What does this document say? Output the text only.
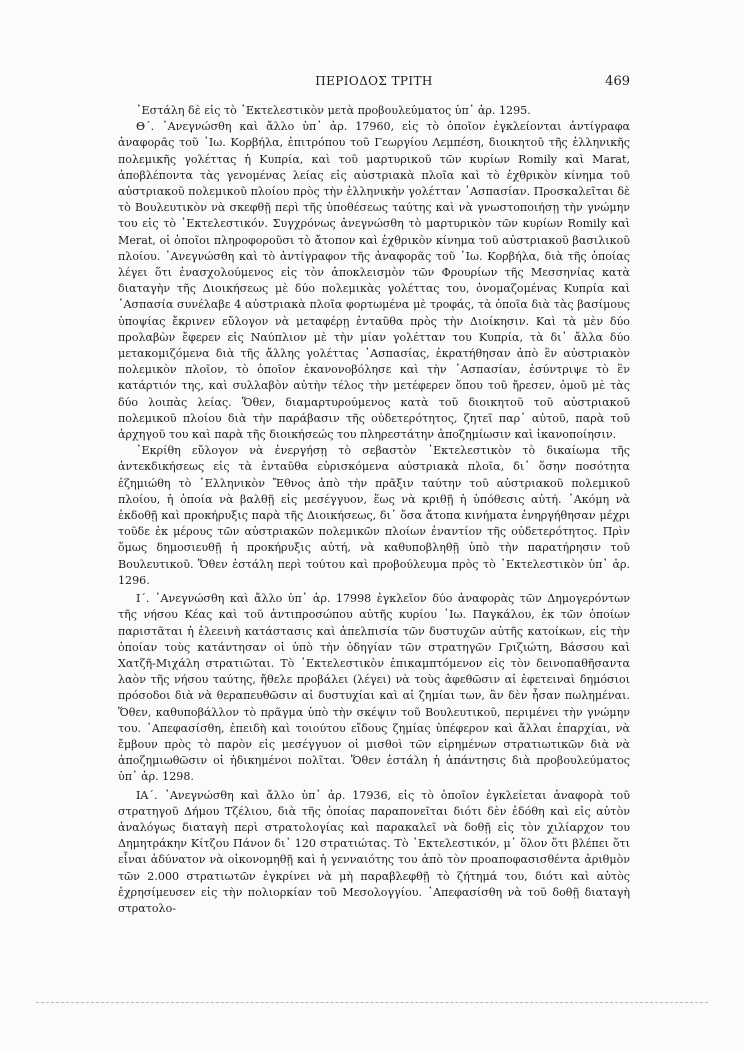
ΠΕΡΙΟΔΟΣ ΤΡΙΤΗ	469

᾿Εστάλη δὲ εἰς τὸ ᾿Εκτελεστικὸν μετὰ προβουλεύματος ὑπ᾿ ἀρ. 1295.

Θ΄. ᾿Ανεγνώσθη καὶ ἄλλο ὑπ᾿ ἀρ. 17960, εἰς τὸ ὁποῖον ἐγκλείονται ἀντίγραφα ἀναφορᾶς τοῦ ᾿Ιω. Κορβήλα, ἐπιτρόπου τοῦ Γεωργίου Λεμπέση, διοικητοῦ τῆς ἑλληνικῆς πολεμικῆς γολέττας ἡ Κυπρία, καὶ τοῦ μαρτυρικοῦ τῶν κυρίων Romily καὶ Marat, ἀποβλέποντα τὰς γενομένας λείας εἰς αὐστριακὰ πλοῖα καὶ τὸ ἐχθρικὸν κίνημα τοῦ αὐστριακοῦ πολεμικοῦ πλοίου πρὸς τὴν ἑλληνικὴν γολέτταν ᾿Ασπασίαν. Προσκαλεῖται δὲ τὸ Βουλευτικὸν νὰ σκεφθῇ περὶ τῆς ὑποθέσεως ταύτης καὶ νὰ γνωστοποιήσῃ τὴν γνώμην του εἰς τὸ ᾿Εκτελεστικόν. Συγχρόνως ἀνεγνώσθη τὸ μαρτυρικὸν τῶν κυρίων Romily καὶ Merat, οἱ ὁποῖοι πληροφοροῦσι τὸ ἄτοπον καὶ ἐχθρικὸν κίνημα τοῦ αὐστριακοῦ βασιλικοῦ πλοίου. ᾿Ανεγνώσθη καὶ τὸ ἀντίγραφον τῆς ἀναφορᾶς τοῦ ᾿Ιω. Κορβήλα, διὰ τῆς ὁποίας λέγει ὅτι ἐνασχολούμενος εἰς τὸν ἀποκλεισμὸν τῶν Φρουρίων τῆς Μεσσηνίας κατὰ διαταγὴν τῆς Διοικήσεως μὲ δύο πολεμικὰς γολέττας του, ὀνομαζομένας Κυπρία καὶ ᾿Ασπασία συνέλαβε 4 αὐστριακὰ πλοῖα φορτωμένα μὲ τροφάς, τὰ ὁποῖα διὰ τὰς βασίμους ὑποψίας ἔκρινεν εὔλογον νὰ μεταφέρῃ ἐνταῦθα πρὸς τὴν Διοίκησιν. Καὶ τὰ μὲν δύο προλαβὼν ἔφερεν εἰς Ναύπλιον μὲ τὴν μίαν γολέτταν του Κυπρία, τὰ δι᾿ ἄλλα δύο μετακομιζόμενα διὰ τῆς ἄλλης γολέττας ᾿Ασπασίας, ἐκρατήθησαν ἀπὸ ἓν αὐστριακὸν πολεμικὸν πλοῖον, τὸ ὁποῖον ἐκανονοβόλησε καὶ τὴν ᾿Ασπασίαν, ἐσύντριψε τὸ ἓν κατάρτιόν της, καὶ συλλαβὸν αὐτὴν τέλος τὴν μετέφερεν ὅπου τοῦ ἤρεσεν, ὁμοῦ μὲ τὰς δύο λοιπὰς λείας. Ὅθεν, διαμαρτυρούμενος κατὰ τοῦ διοικητοῦ τοῦ αὐστριακοῦ πολεμικοῦ πλοίου διὰ τὴν παράβασιν τῆς οὐδετερότητος, ζητεῖ παρ᾿ αὐτοῦ, παρὰ τοῦ ἀρχηγοῦ του καὶ παρὰ τῆς διοικήσεώς του πληρεστάτην ἀποζημίωσιν καὶ ἱκανοποίησιν.

᾿Εκρίθη εὔλογον νὰ ἐνεργήσῃ τὸ σεβαστὸν ᾿Εκτελεστικὸν τὸ δικαίωμα τῆς ἀντεκδικήσεως εἰς τὰ ἐνταῦθα εὑρισκόμενα αὐστριακὰ πλοῖα, δι᾿ ὅσην ποσότητα ἐζημιώθη τὸ ῾Ελληνικὸν Ἔθνος ἀπὸ τὴν πρᾶξιν ταύτην τοῦ αὐστριακοῦ πολεμικοῦ πλοίου, ἡ ὁποία νὰ βαλθῇ εἰς μεσέγγυον, ἕως νὰ κριθῇ ἡ ὑπόθεσις αὐτή. ᾿Ακόμη νὰ ἐκδοθῇ καὶ προκήρυξις παρὰ τῆς Διοικήσεως, δι᾿ ὅσα ἄτοπα κινήματα ἐνηργήθησαν μέχρι τοῦδε ἐκ μέρους τῶν αὐστριακῶν πολεμικῶν πλοίων ἐναντίον τῆς οὐδετερότητος. Πρὶν ὅμως δημοσιευθῇ ἡ προκήρυξις αὐτή, νὰ καθυποβληθῇ ὑπὸ τὴν παρατήρησιν τοῦ Βουλευτικοῦ. Ὅθεν ἐστάλη περὶ τούτου καὶ προβούλευμα πρὸς τὸ ᾿Εκτελεστικὸν ὑπ᾿ ἀρ. 1296.

Ι΄. ᾿Ανεγνώσθη καὶ ἄλλο ὑπ᾿ ἀρ. 17998 ἐγκλεῖον δύο ἀναφορὰς τῶν Δημογερόντων τῆς νήσου Κέας καὶ τοῦ ἀντιπροσώπου αὐτῆς κυρίου ᾿Ιω. Παγκάλου, ἐκ τῶν ὁποίων παριστᾶται ἡ ἐλεεινὴ κατάστασις καὶ ἀπελπισία τῶν δυστυχῶν αὐτῆς κατοίκων, εἰς τὴν ὁποίαν τοὺς κατάντησαν οἱ ὑπὸ τὴν ὁδηγίαν τῶν στρατηγῶν Γριζιώτη, Βάσσου καὶ Χατζῆ-Μιχάλη στρατιῶται. Τὸ ᾿Εκτελεστικὸν ἐπικαμπτόμενον εἰς τὸν δεινοπαθῆσαντα λαὸν τῆς νήσου ταύτης, ἤθελε προβάλει (λέγει) νὰ τοὺς ἀφεθῶσιν αἱ ἐφετειναὶ δημόσιοι πρόσοδοι διὰ νὰ θεραπευθῶσιν αἱ δυστυχίαι καὶ αἱ ζημίαι των, ἂν δὲν ἦσαν πωλημέναι. Ὅθεν, καθυποβάλλον τὸ πρᾶγμα ὑπὸ τὴν σκέψιν τοῦ Βουλευτικοῦ, περιμένει τὴν γνώμην του. ᾿Απεφασίσθη, ἐπειδὴ καὶ τοιούτου εἴδους ζημίας ὑπέφερον καὶ ἄλλαι ἐπαρχίαι, νὰ ἔμβουν πρὸς τὸ παρὸν εἰς μεσέγγυον οἱ μισθοὶ τῶν εἰρημένων στρατιωτικῶν διὰ νὰ ἀποζημιωθῶσιν οἱ ἠδικημένοι πολῖται. Ὅθεν ἐστάλη ἡ ἀπάντησις διὰ προβουλεύματος ὑπ᾿ ἀρ. 1298.

ΙΑ΄. ᾿Ανεγνώσθη καὶ ἄλλο ὑπ᾿ ἀρ. 17936, εἰς τὸ ὁποῖον ἐγκλείεται ἀναφορὰ τοῦ στρατηγοῦ Δήμου Τζέλιου, διὰ τῆς ὁποίας παραπονεῖται διότι δὲν ἐδόθη καὶ εἰς αὐτὸν ἀναλόγως διαταγὴ περὶ στρατολογίας καὶ παρακαλεῖ νὰ δοθῇ εἰς τὸν χιλίαρχον του Δημητράκην Κίτζου Πάνον δι᾿ 120 στρατιώτας. Τὸ ᾿Εκτελεστικόν, μ᾿ ὅλον ὅτι βλέπει ὅτι εἶναι ἀδύνατον νὰ οἰκονομηθῇ καὶ ἡ γενναιότης του ἀπὸ τὸν προαποφασισθέντα ἀριθμὸν τῶν 2.000 στρατιωτῶν ἐγκρίνει νὰ μὴ παραβλεφθῇ τὸ ζήτημά του, διότι καὶ αὐτὸς ἐχρησίμευσεν εἰς τὴν πολιορκίαν τοῦ Μεσολογγίου. ᾿Απεφασίσθη νὰ τοῦ δοθῇ διαταγὴ στρατολο-
